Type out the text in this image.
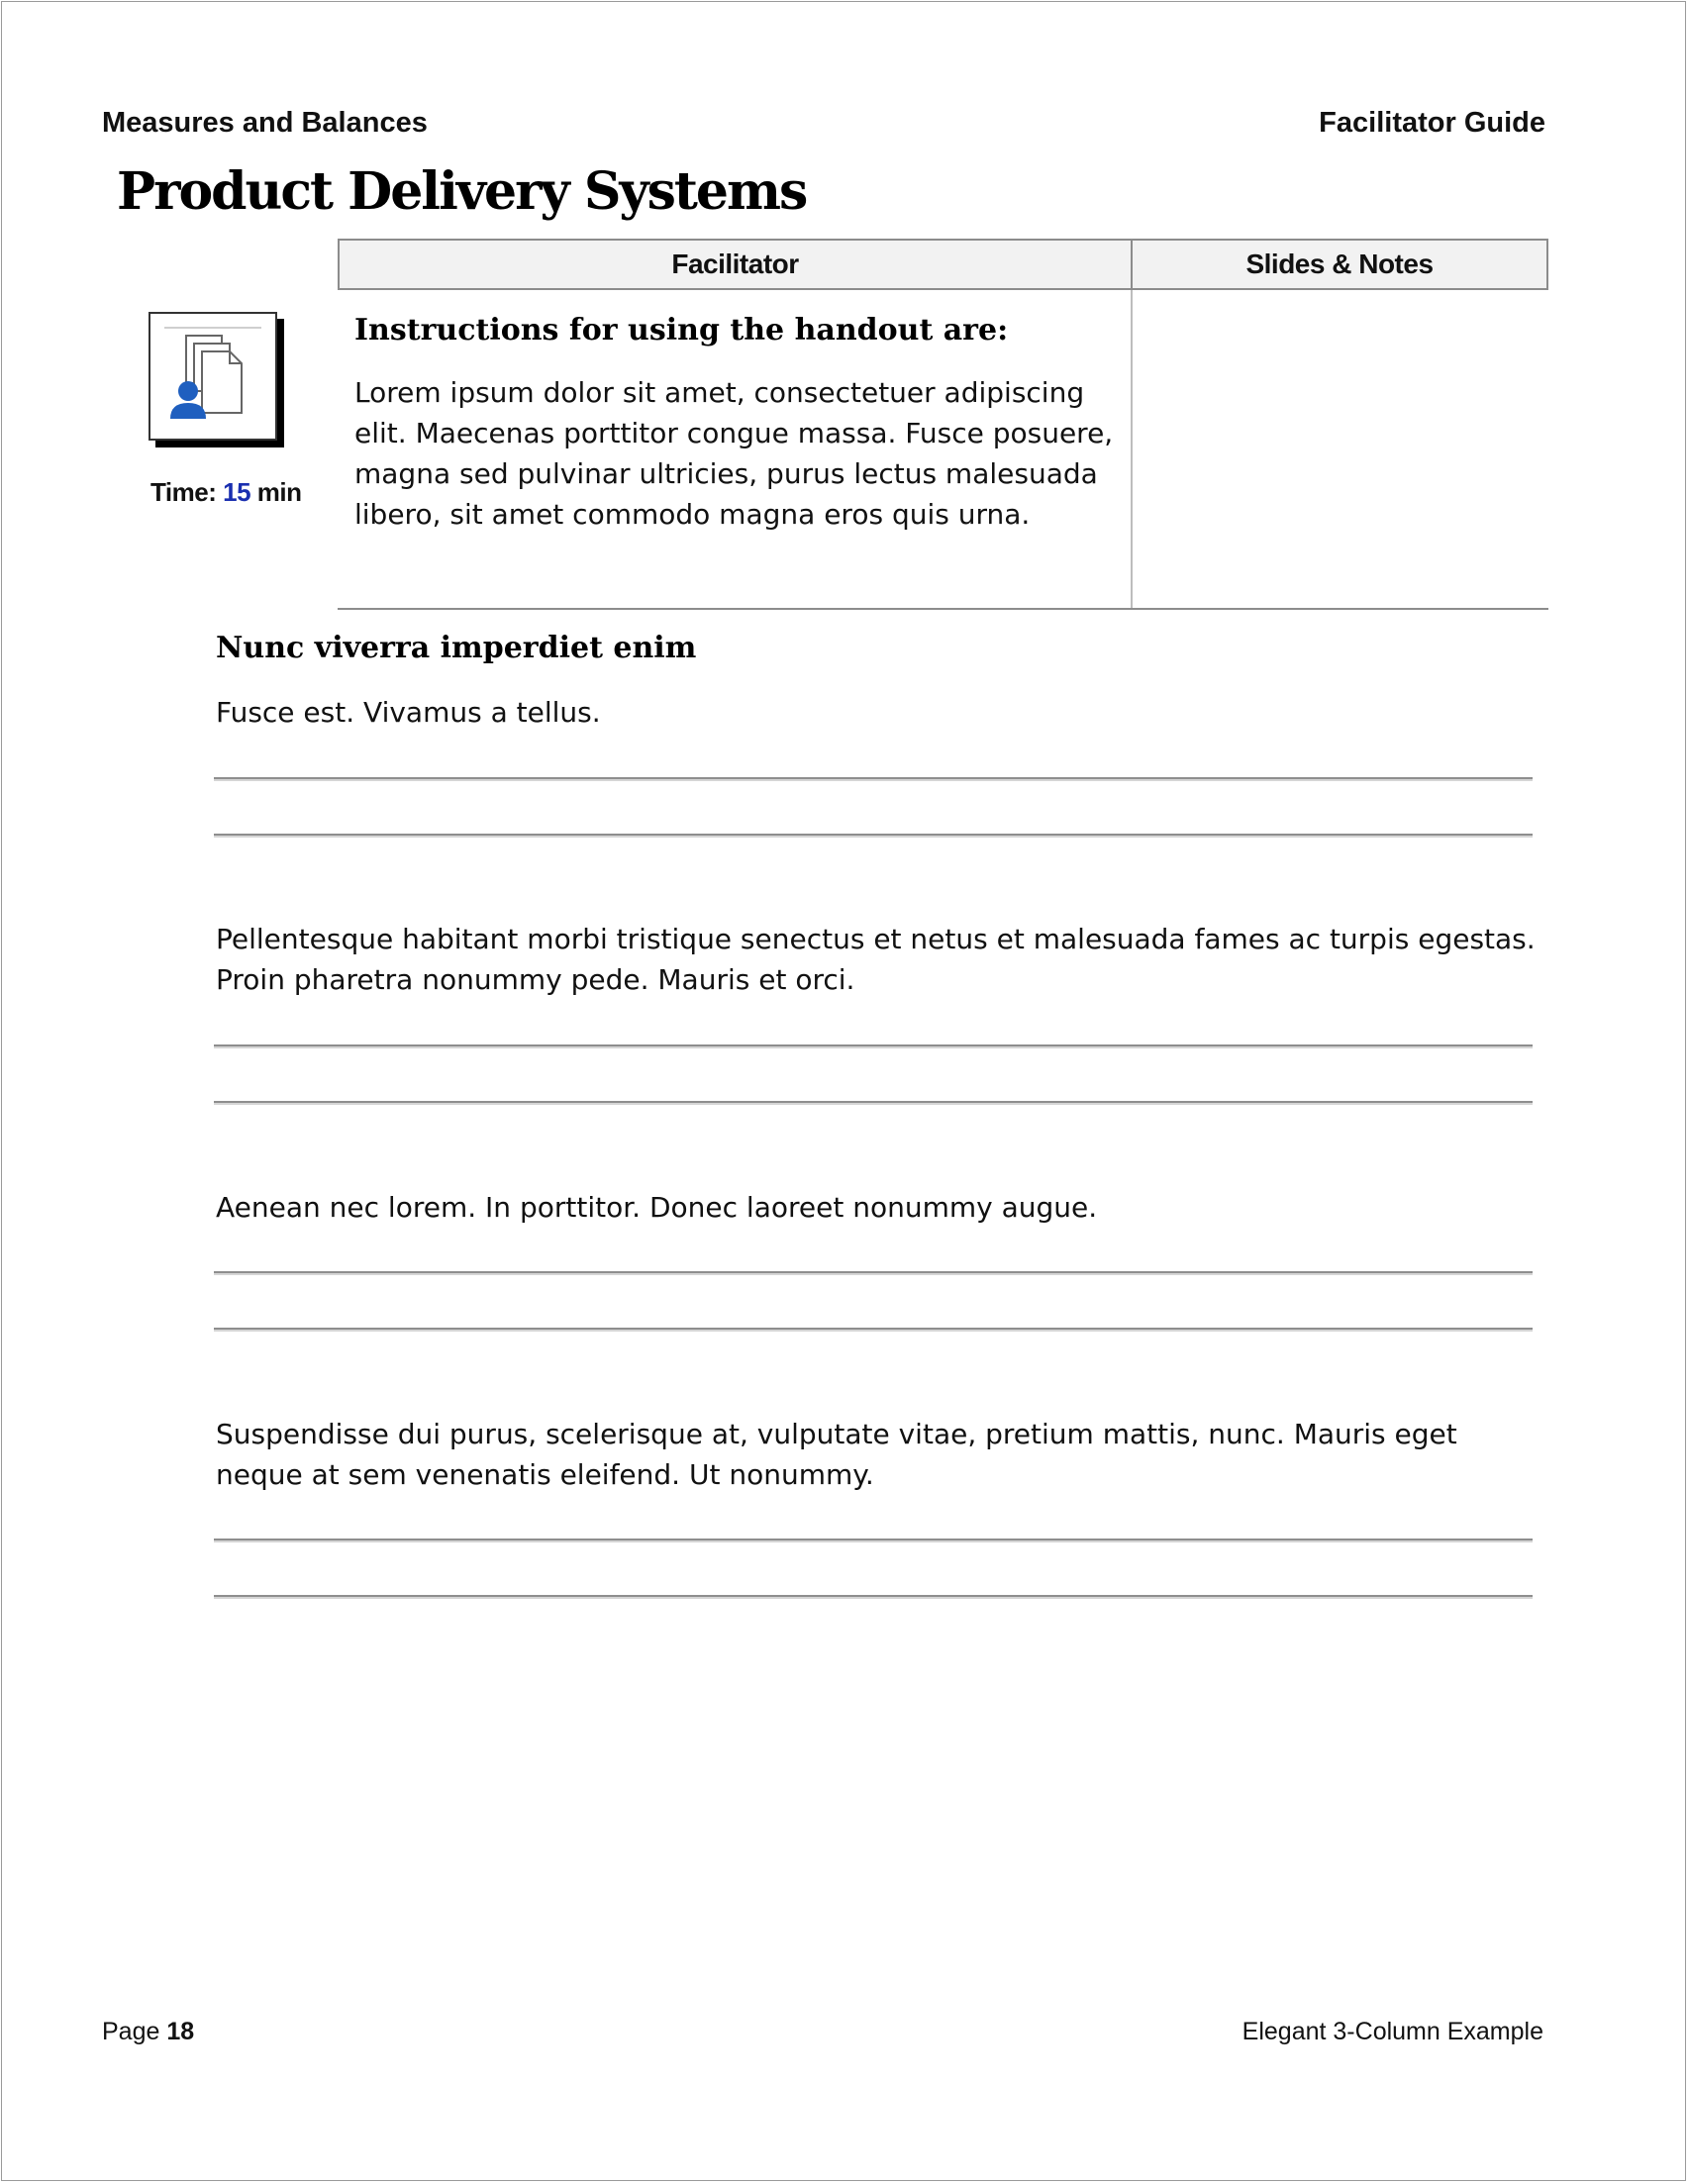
Measures and Balances	Facilitator Guide
Product Delivery Systems
Facilitator	Slides & Notes
Time: 15 min
Instructions for using the handout are:
Lorem ipsum dolor sit amet, consectetuer adipiscing elit. Maecenas porttitor congue massa. Fusce posuere, magna sed pulvinar ultricies, purus lectus malesuada libero, sit amet commodo magna eros quis urna.
Nunc viverra imperdiet enim
Fusce est. Vivamus a tellus.
Pellentesque habitant morbi tristique senectus et netus et malesuada fames ac turpis egestas. Proin pharetra nonummy pede. Mauris et orci.
Aenean nec lorem. In porttitor. Donec laoreet nonummy augue.
Suspendisse dui purus, scelerisque at, vulputate vitae, pretium mattis, nunc. Mauris eget neque at sem venenatis eleifend. Ut nonummy.
Page 18	Elegant 3-Column Example
